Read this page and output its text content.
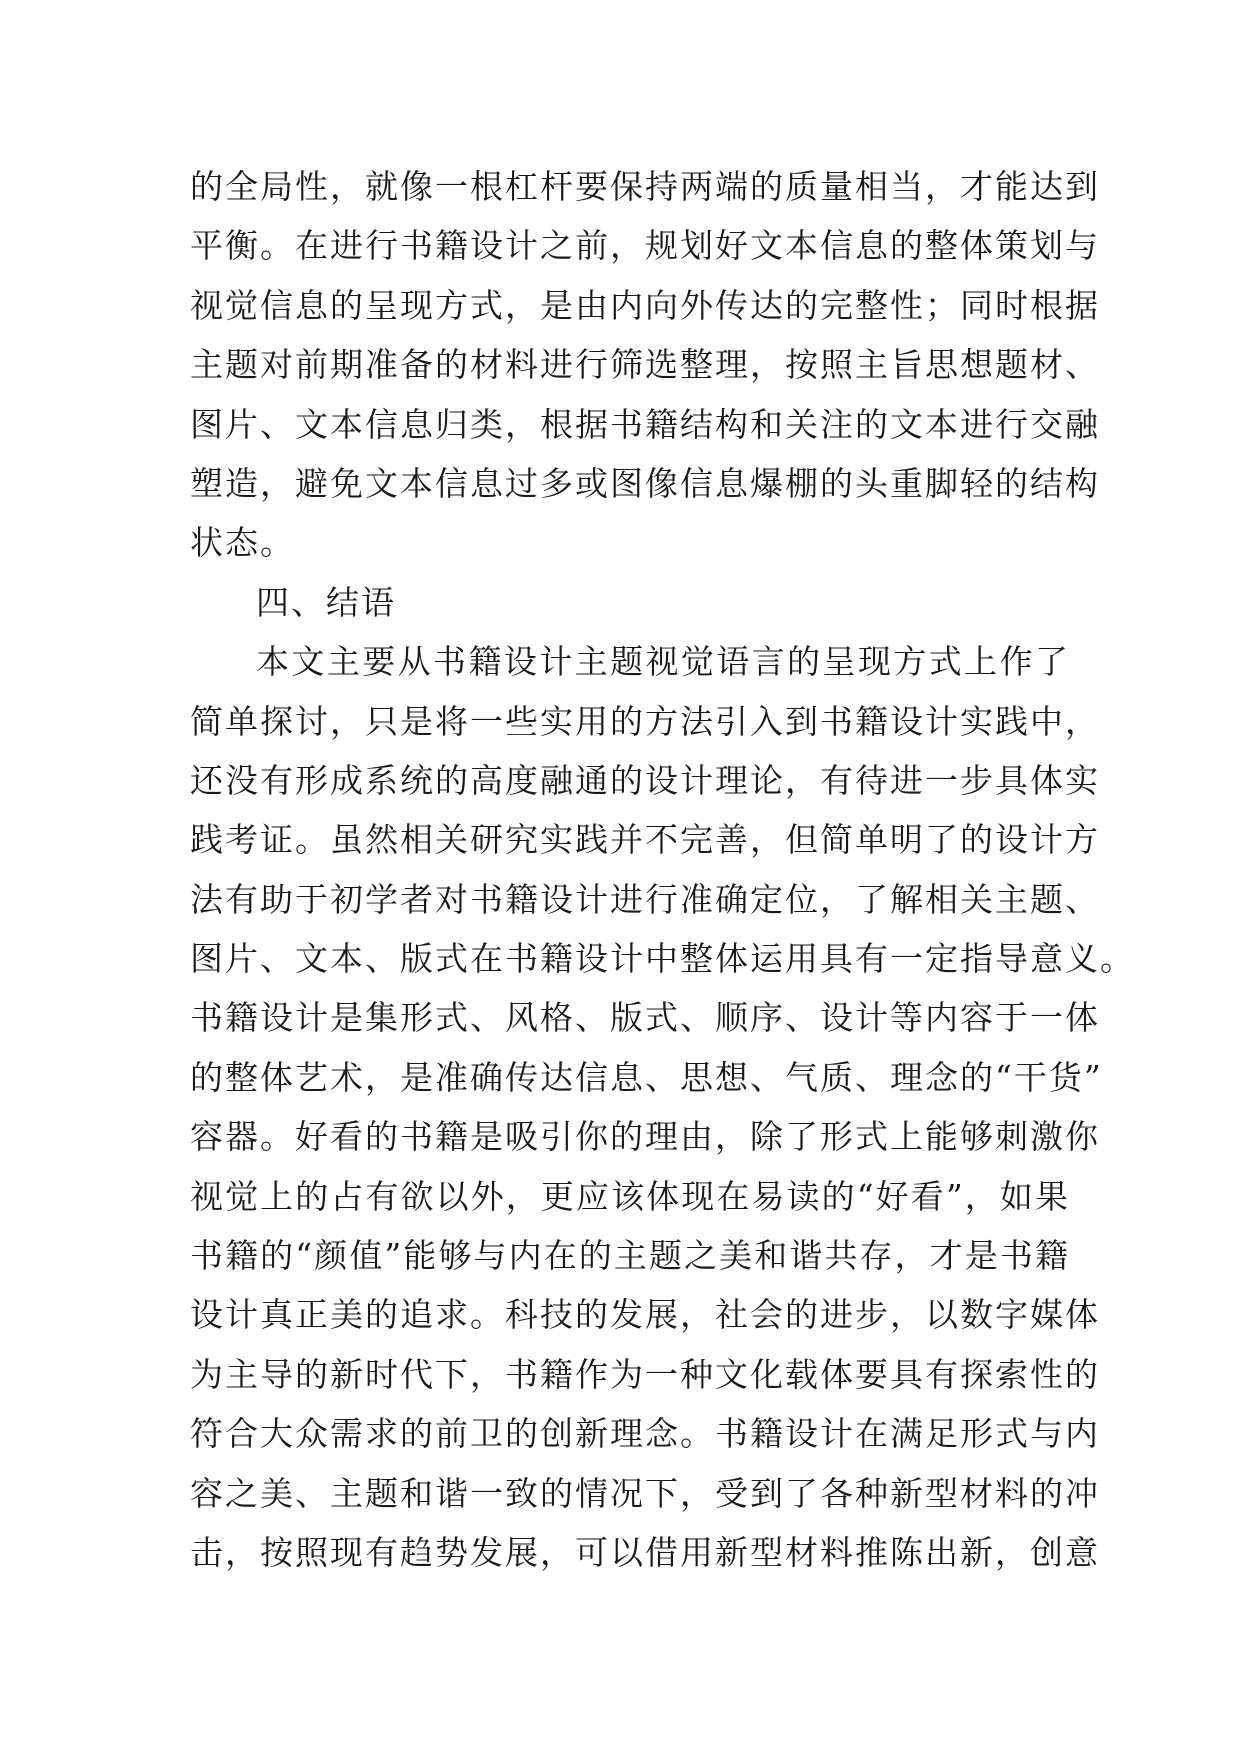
的全局性，就像一根杠杆要保持两端的质量相当，才能达到
平衡。在进行书籍设计之前，规划好文本信息的整体策划与
视觉信息的呈现方式，是由内向外传达的完整性；同时根据
主题对前期准备的材料进行筛选整理，按照主旨思想题材、
图片、文本信息归类，根据书籍结构和关注的文本进行交融
塑造，避免文本信息过多或图像信息爆棚的头重脚轻的结构
状态。
四、结语
本文主要从书籍设计主题视觉语言的呈现方式上作了
简单探讨，只是将一些实用的方法引入到书籍设计实践中，
还没有形成系统的高度融通的设计理论，有待进一步具体实
践考证。虽然相关研究实践并不完善，但简单明了的设计方
法有助于初学者对书籍设计进行准确定位，了解相关主题、
图片、文本、版式在书籍设计中整体运用具有一定指导意义。
书籍设计是集形式、风格、版式、顺序、设计等内容于一体
的整体艺术，是准确传达信息、思想、气质、理念的“干货”
容器。好看的书籍是吸引你的理由，除了形式上能够刺激你
视觉上的占有欲以外，更应该体现在易读的“好看”，如果
书籍的“颜值”能够与内在的主题之美和谐共存，才是书籍
设计真正美的追求。科技的发展，社会的进步，以数字媒体
为主导的新时代下，书籍作为一种文化载体要具有探索性的
符合大众需求的前卫的创新理念。书籍设计在满足形式与内
容之美、主题和谐一致的情况下，受到了各种新型材料的冲
击，按照现有趋势发展，可以借用新型材料推陈出新，创意
